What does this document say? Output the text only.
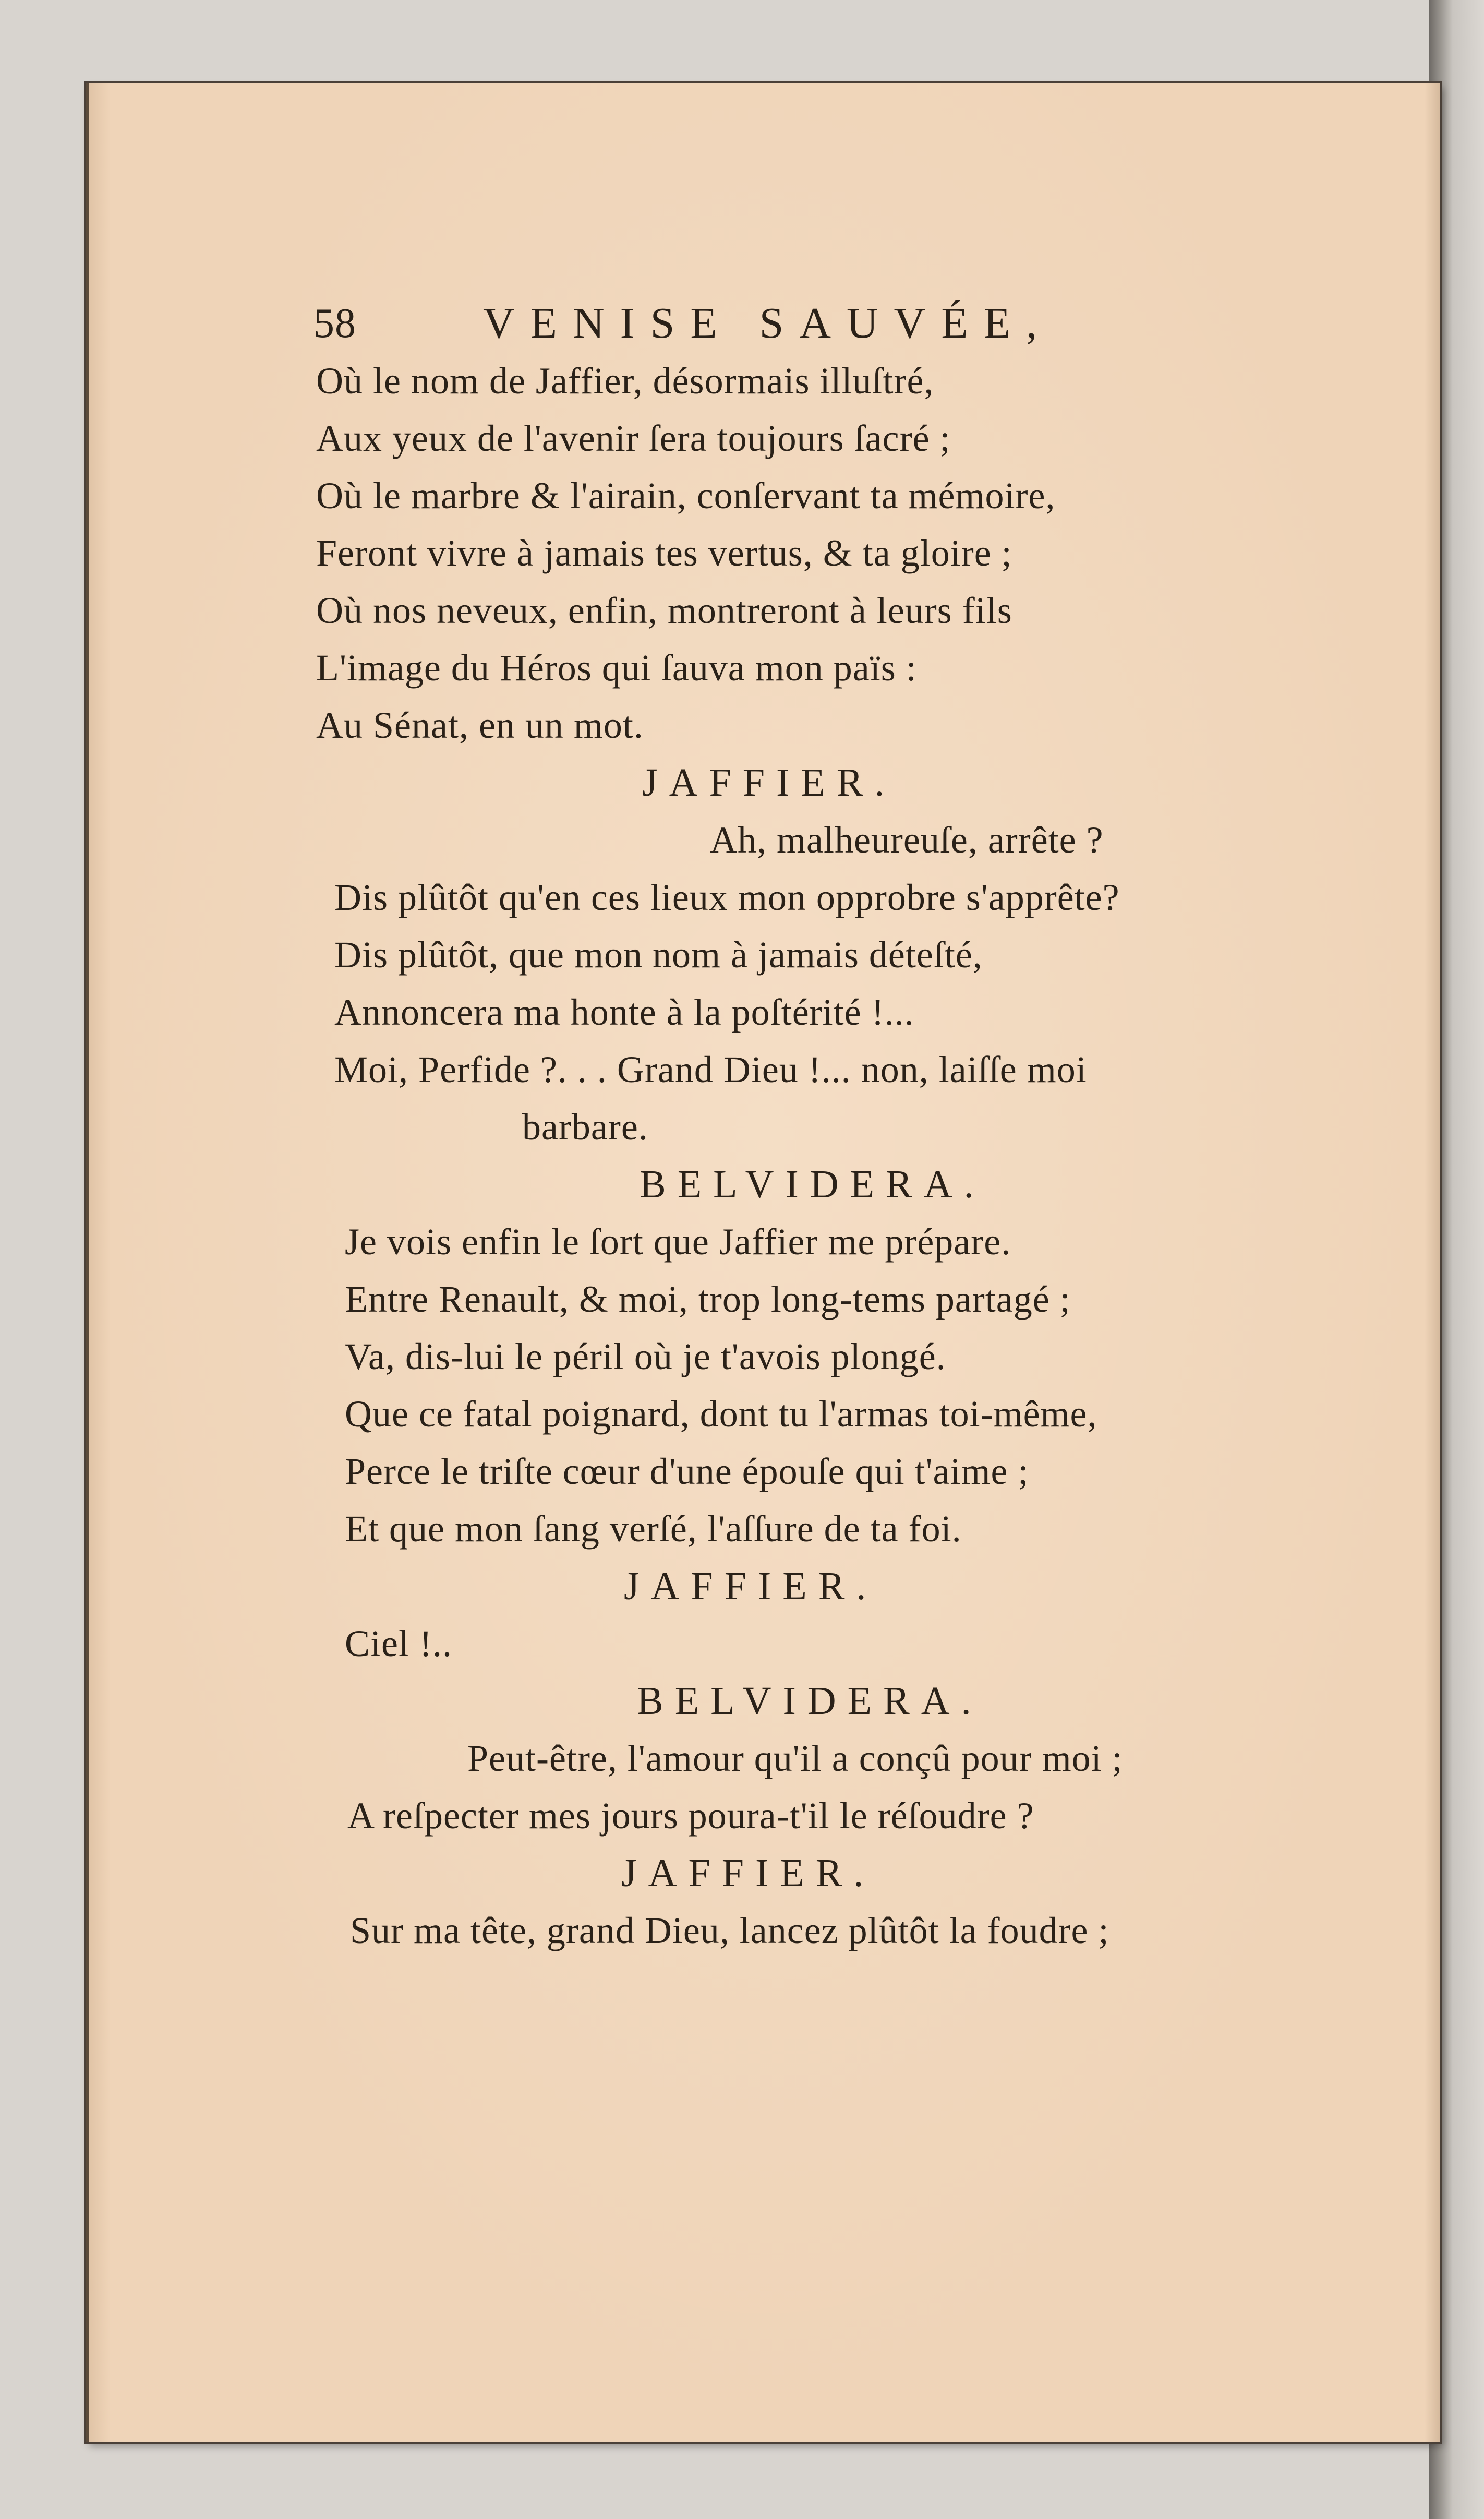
58	VENISE SAUVÉE,
Où le nom de Jaffier, désormais illuſtré,
Aux yeux de l'avenir ſera toujours ſacré ;
Où le marbre & l'airain, conſervant ta mémoire,
Feront vivre à jamais tes vertus, & ta gloire ;
Où nos neveux, enfin, montreront à leurs fils
L'image du Héros qui ſauva mon païs :
Au Sénat, en un mot.
JAFFIER.
Ah, malheureuſe, arrête ?
Dis plûtôt qu'en ces lieux mon opprobre s'apprête?
Dis plûtôt, que mon nom à jamais déteſté,
Annoncera ma honte à la poſtérité !...
Moi, Perfide ?. . . Grand Dieu !... non, laiſſe moi
barbare.
BELVIDERA.
Je vois enfin le ſort que Jaffier me prépare.
Entre Renault, & moi, trop long-tems partagé ;
Va, dis-lui le péril où je t'avois plongé.
Que ce fatal poignard, dont tu l'armas toi-même,
Perce le triſte cœur d'une épouſe qui t'aime ;
Et que mon ſang verſé, l'aſſure de ta foi.
JAFFIER.
Ciel !..
BELVIDERA.
Peut-être, l'amour qu'il a conçû pour moi ;
A reſpecter mes jours poura-t'il le réſoudre ?
JAFFIER.
Sur ma tête, grand Dieu, lancez plûtôt la foudre ;
